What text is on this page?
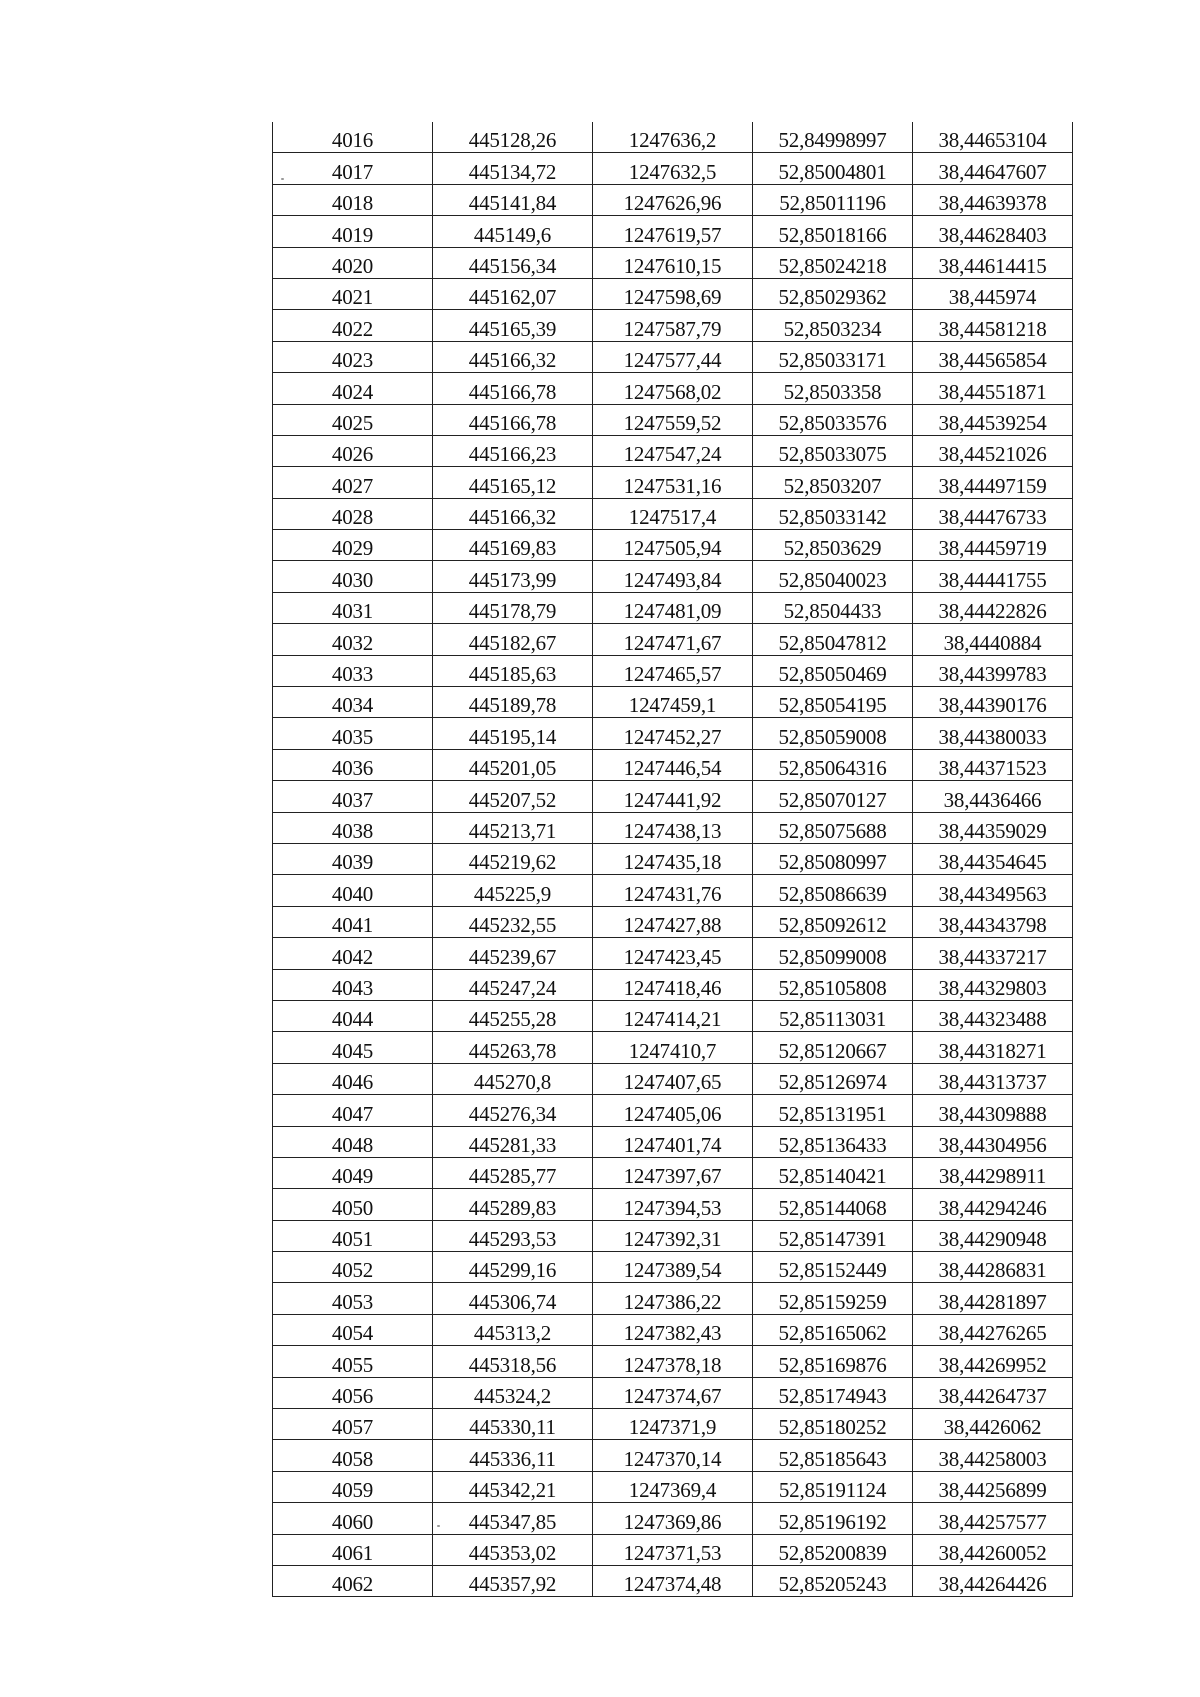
4016	445128,26	1247636,2	52,84998997	38,44653104
4017	445134,72	1247632,5	52,85004801	38,44647607
4018	445141,84	1247626,96	52,85011196	38,44639378
4019	445149,6	1247619,57	52,85018166	38,44628403
4020	445156,34	1247610,15	52,85024218	38,44614415
4021	445162,07	1247598,69	52,85029362	38,445974
4022	445165,39	1247587,79	52,8503234	38,44581218
4023	445166,32	1247577,44	52,85033171	38,44565854
4024	445166,78	1247568,02	52,8503358	38,44551871
4025	445166,78	1247559,52	52,85033576	38,44539254
4026	445166,23	1247547,24	52,85033075	38,44521026
4027	445165,12	1247531,16	52,8503207	38,44497159
4028	445166,32	1247517,4	52,85033142	38,44476733
4029	445169,83	1247505,94	52,8503629	38,44459719
4030	445173,99	1247493,84	52,85040023	38,44441755
4031	445178,79	1247481,09	52,8504433	38,44422826
4032	445182,67	1247471,67	52,85047812	38,4440884
4033	445185,63	1247465,57	52,85050469	38,44399783
4034	445189,78	1247459,1	52,85054195	38,44390176
4035	445195,14	1247452,27	52,85059008	38,44380033
4036	445201,05	1247446,54	52,85064316	38,44371523
4037	445207,52	1247441,92	52,85070127	38,4436466
4038	445213,71	1247438,13	52,85075688	38,44359029
4039	445219,62	1247435,18	52,85080997	38,44354645
4040	445225,9	1247431,76	52,85086639	38,44349563
4041	445232,55	1247427,88	52,85092612	38,44343798
4042	445239,67	1247423,45	52,85099008	38,44337217
4043	445247,24	1247418,46	52,85105808	38,44329803
4044	445255,28	1247414,21	52,85113031	38,44323488
4045	445263,78	1247410,7	52,85120667	38,44318271
4046	445270,8	1247407,65	52,85126974	38,44313737
4047	445276,34	1247405,06	52,85131951	38,44309888
4048	445281,33	1247401,74	52,85136433	38,44304956
4049	445285,77	1247397,67	52,85140421	38,44298911
4050	445289,83	1247394,53	52,85144068	38,44294246
4051	445293,53	1247392,31	52,85147391	38,44290948
4052	445299,16	1247389,54	52,85152449	38,44286831
4053	445306,74	1247386,22	52,85159259	38,44281897
4054	445313,2	1247382,43	52,85165062	38,44276265
4055	445318,56	1247378,18	52,85169876	38,44269952
4056	445324,2	1247374,67	52,85174943	38,44264737
4057	445330,11	1247371,9	52,85180252	38,4426062
4058	445336,11	1247370,14	52,85185643	38,44258003
4059	445342,21	1247369,4	52,85191124	38,44256899
4060	445347,85	1247369,86	52,85196192	38,44257577
4061	445353,02	1247371,53	52,85200839	38,44260052
4062	445357,92	1247374,48	52,85205243	38,44264426
